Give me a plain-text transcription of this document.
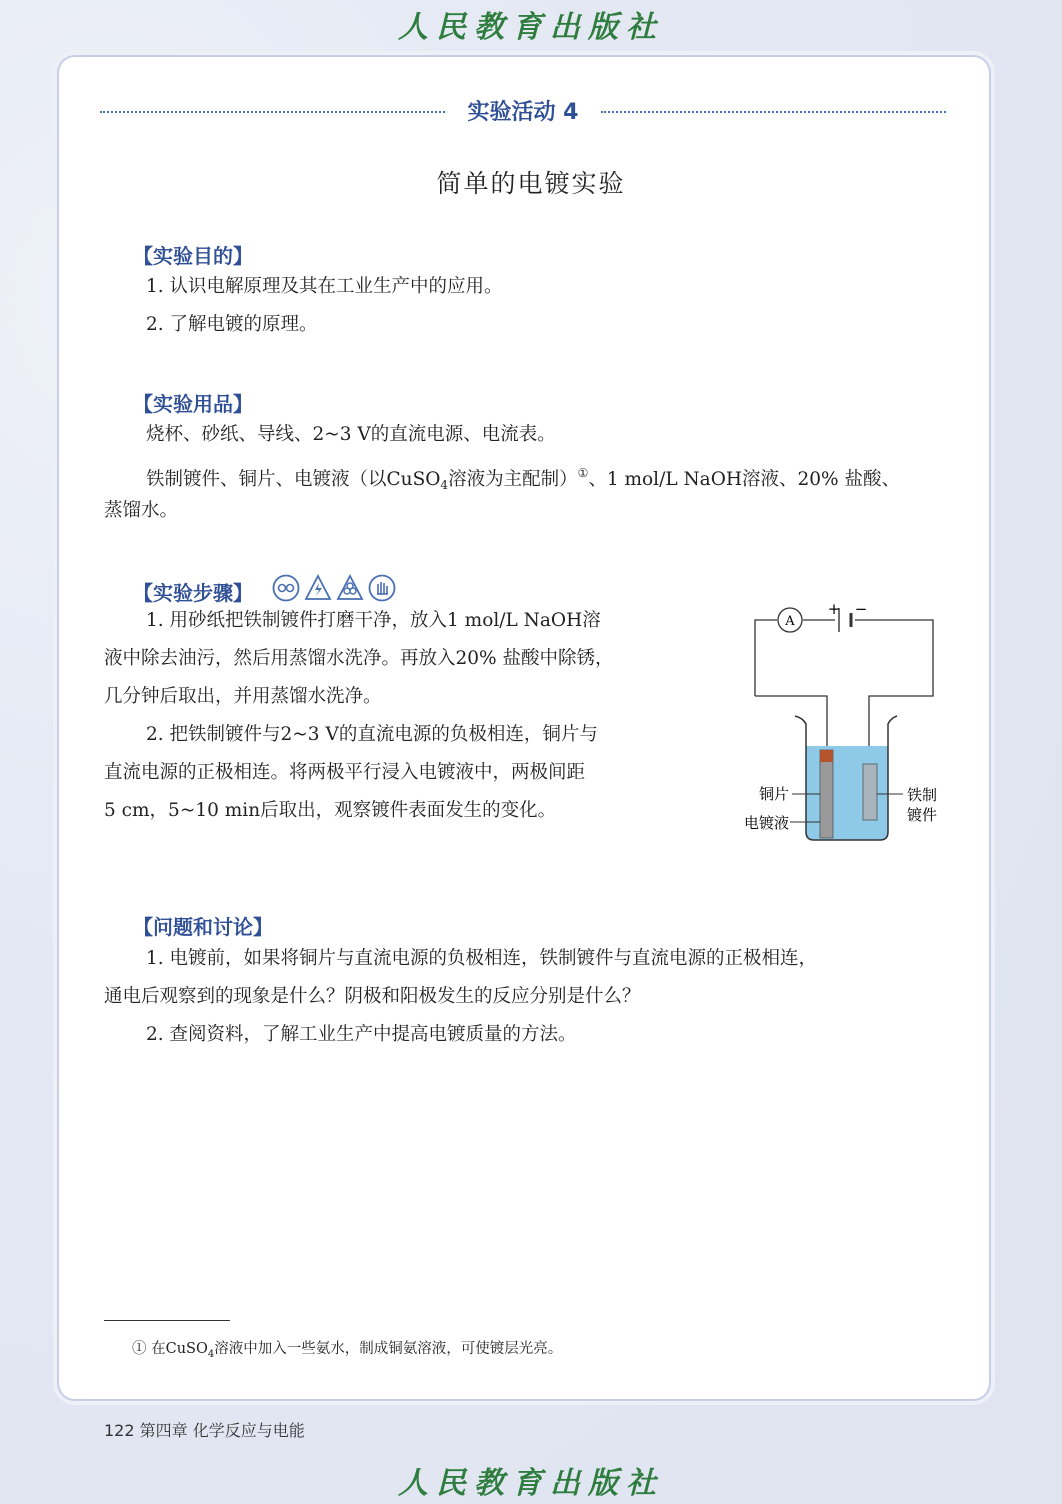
人民教育出版社
实验活动 4
简单的电镀实验
【实验目的】
1. 认识电解原理及其在工业生产中的应用。
2. 了解电镀的原理。
【实验用品】
烧杯、砂纸、导线、2~3 V的直流电源、电流表。
铁制镀件、铜片、电镀液（以CuSO$_4$溶液为主配制）①、1 mol/L NaOH溶液、20% 盐酸、
蒸馏水。
【实验步骤】
1. 用砂纸把铁制镀件打磨干净，放入1 mol/L NaOH溶
液中除去油污，然后用蒸馏水洗净。再放入20% 盐酸中除锈，
几分钟后取出，并用蒸馏水洗净。
2. 把铁制镀件与2~3 V的直流电源的负极相连，铜片与
直流电源的正极相连。将两极平行浸入电镀液中，两极间距
5 cm，5~10 min后取出，观察镀件表面发生的变化。
A
+ −
铜片
电镀液
铁制
镀件
【问题和讨论】
1. 电镀前，如果将铜片与直流电源的负极相连，铁制镀件与直流电源的正极相连，
通电后观察到的现象是什么？阴极和阳极发生的反应分别是什么？
2. 查阅资料，了解工业生产中提高电镀质量的方法。
① 在CuSO$_4$溶液中加入一些氨水，制成铜氨溶液，可使镀层光亮。
122 第四章 化学反应与电能
人民教育出版社
